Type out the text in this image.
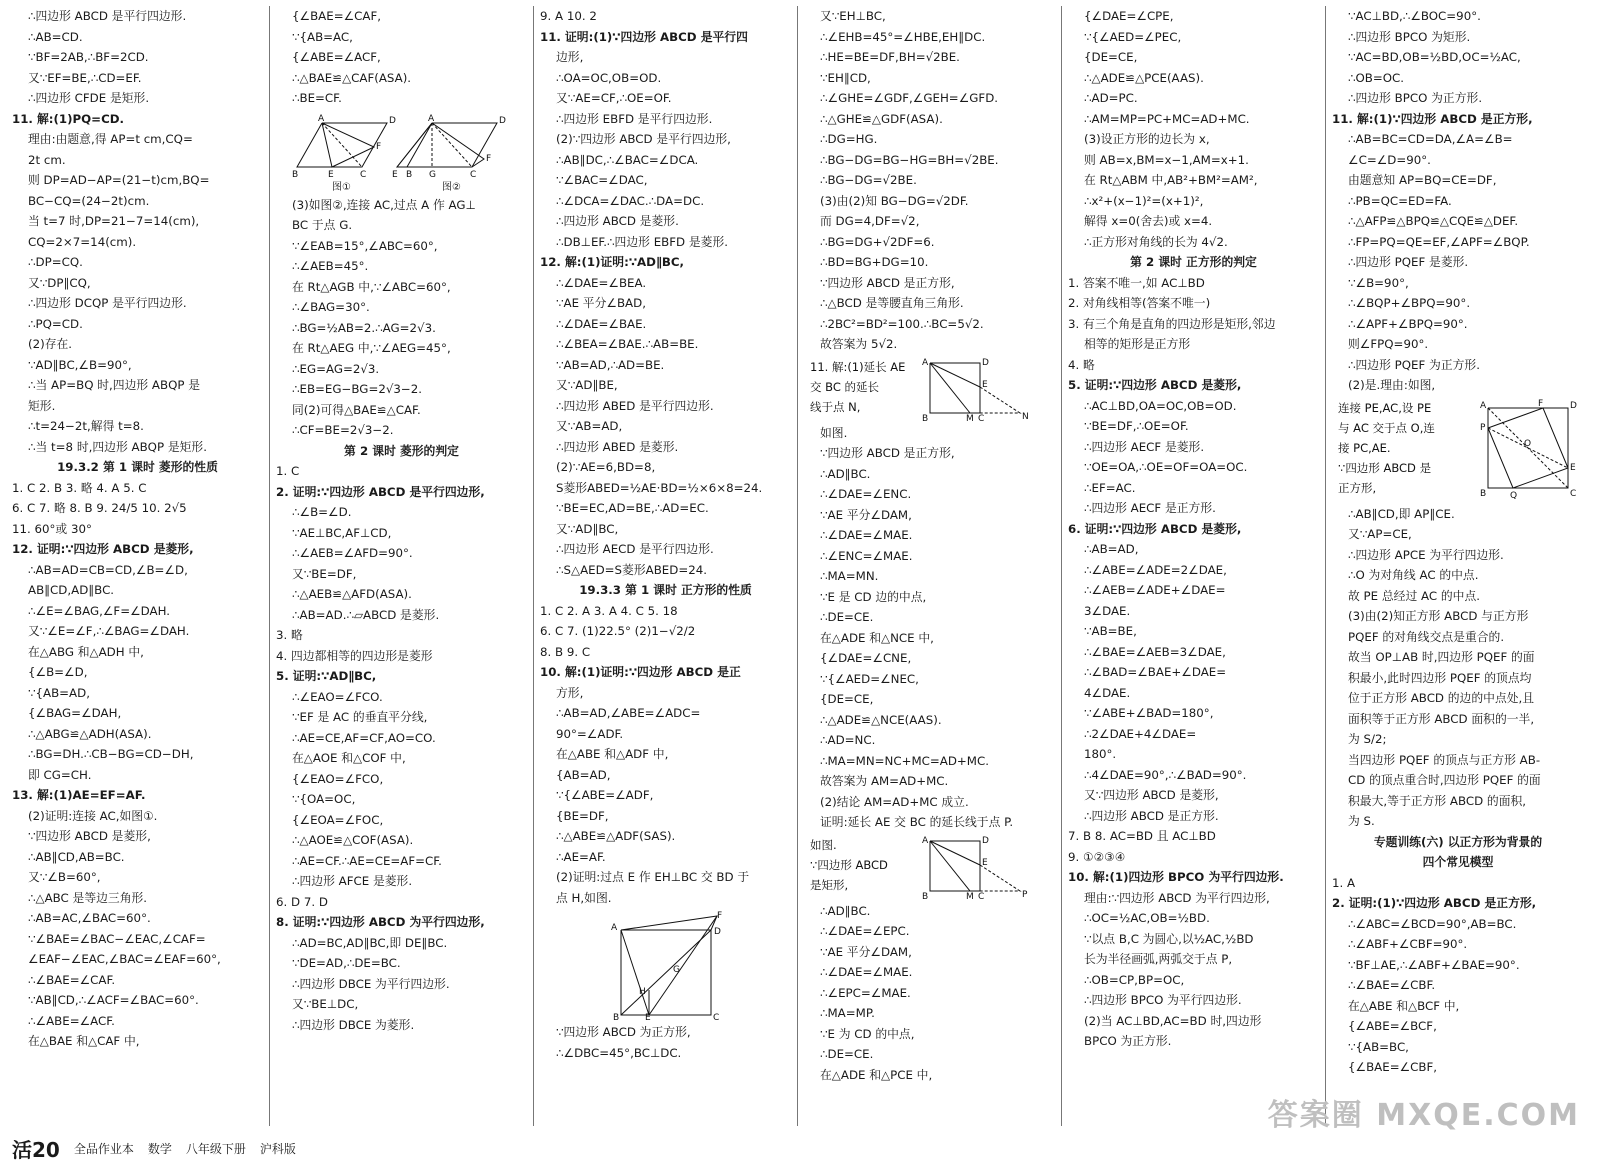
∴四边形 ABCD 是平行四边形.
∴AB=CD.
∵BF=2AB,∴BF=2CD.
又∵EF=BE,∴CD=EF.
∴四边形 CFDE 是矩形.
11. 解:(1)PQ=CD.
理由:由题意,得 AP=t cm,CQ=
2t cm.
则 DP=AD−AP=(21−t)cm,BQ=
BC−CQ=(24−2t)cm.
当 t=7 时,DP=21−7=14(cm),
CQ=2×7=14(cm).
∴DP=CQ.
又∵DP∥CQ,
∴四边形 DCQP 是平行四边形.
∴PQ=CD.
(2)存在.
∵AD∥BC,∠B=90°,
∴当 AP=BQ 时,四边形 ABQP 是
矩形.
∴t=24−2t,解得 t=8.
∴当 t=8 时,四边形 ABQP 是矩形.
19.3.2 第 1 课时 菱形的性质
1. C 2. B 3. 略 4. A 5. C
6. C 7. 略 8. B 9. 24/5 10. 2√5
11. 60°或 30°
12. 证明:∵四边形 ABCD 是菱形,
∴AB=AD=CB=CD,∠B=∠D,
AB∥CD,AD∥BC.
∴∠E=∠BAG,∠F=∠DAH.
又∵∠E=∠F,∴∠BAG=∠DAH.
在△ABG 和△ADH 中,
{∠B=∠D,
∵{AB=AD,
{∠BAG=∠DAH,
∴△ABG≌△ADH(ASA).
∴BG=DH.∴CB−BG=CD−DH,
即 CG=CH.
13. 解:(1)AE=EF=AF.
(2)证明:连接 AC,如图①.
∵四边形 ABCD 是菱形,
∴AB∥CD,AB=BC.
又∵∠B=60°,
∴△ABC 是等边三角形.
∴AB=AC,∠BAC=60°.
∵∠BAE=∠BAC−∠EAC,∠CAF=
∠EAF−∠EAC,∠BAC=∠EAF=60°,
∴∠BAE=∠CAF.
∵AB∥CD,∴∠ACF=∠BAC=60°.
∴∠ABE=∠ACF.
在△BAE 和△CAF 中,
{∠BAE=∠CAF,
∵{AB=AC,
{∠ABE=∠ACF,
∴△BAE≌△CAF(ASA).
∴BE=CF.
A	D
B	E	C
F
A	D
E B G	C
F
图①	图②
(3)如图②,连接 AC,过点 A 作 AG⊥
BC 于点 G.
∵∠EAB=15°,∠ABC=60°,
∴∠AEB=45°.
在 Rt△AGB 中,∵∠ABC=60°,
∴∠BAG=30°.
∴BG=½AB=2.∴AG=2√3.
在 Rt△AEG 中,∵∠AEG=45°,
∴EG=AG=2√3.
∴EB=EG−BG=2√3−2.
同(2)可得△BAE≌△CAF.
∴CF=BE=2√3−2.
第 2 课时 菱形的判定
1. C
2. 证明:∵四边形 ABCD 是平行四边形,
∴∠B=∠D.
∵AE⊥BC,AF⊥CD,
∴∠AEB=∠AFD=90°.
又∵BE=DF,
∴△AEB≌△AFD(ASA).
∴AB=AD.∴▱ABCD 是菱形.
3. 略
4. 四边都相等的四边形是菱形
5. 证明:∵AD∥BC,
∴∠EAO=∠FCO.
∵EF 是 AC 的垂直平分线,
∴AE=CE,AF=CF,AO=CO.
在△AOE 和△COF 中,
{∠EAO=∠FCO,
∵{OA=OC,
{∠EOA=∠FOC,
∴△AOE≌△COF(ASA).
∴AE=CF.∴AE=CE=AF=CF.
∴四边形 AFCE 是菱形.
6. D 7. D
8. 证明:∵四边形 ABCD 为平行四边形,
∴AD=BC,AD∥BC,即 DE∥BC.
∵DE=AD,∴DE=BC.
∴四边形 DBCE 为平行四边形.
又∵BE⊥DC,
∴四边形 DBCE 为菱形.
9. A 10. 2
11. 证明:(1)∵四边形 ABCD 是平行四
边形,
∴OA=OC,OB=OD.
又∵AE=CF,∴OE=OF.
∴四边形 EBFD 是平行四边形.
(2)∵四边形 ABCD 是平行四边形,
∴AB∥DC,∴∠BAC=∠DCA.
∵∠BAC=∠DAC,
∴∠DCA=∠DAC.∴DA=DC.
∴四边形 ABCD 是菱形.
∴DB⊥EF.∴四边形 EBFD 是菱形.
12. 解:(1)证明:∵AD∥BC,
∴∠DAE=∠BEA.
∵AE 平分∠BAD,
∴∠DAE=∠BAE.
∴∠BEA=∠BAE.∴AB=BE.
∵AB=AD,∴AD=BE.
又∵AD∥BE,
∴四边形 ABED 是平行四边形.
又∵AB=AD,
∴四边形 ABED 是菱形.
(2)∵AE=6,BD=8,
S菱形ABED=½AE·BD=½×6×8=24.
∵BE=EC,AD=BE,∴AD=EC.
又∵AD∥BC,
∴四边形 AECD 是平行四边形.
∴S△AED=S菱形ABED=24.
19.3.3 第 1 课时 正方形的性质
1. C 2. A 3. A 4. C 5. 18
6. C 7. (1)22.5° (2)1−√2/2
8. B 9. C
10. 解:(1)证明:∵四边形 ABCD 是正
方形,
∴AB=AD,∠ABE=∠ADC=
90°=∠ADF.
在△ABE 和△ADF 中,
{AB=AD,
∵{∠ABE=∠ADF,
{BE=DF,
∴△ABE≌△ADF(SAS).
∴AE=AF.
(2)证明:过点 E 作 EH⊥BC 交 BD 于
点 H,如图.
A	D
F
G
H
B	E	C
∵四边形 ABCD 为正方形,
∴∠DBC=45°,BC⊥DC.
又∵EH⊥BC,
∴∠EHB=45°=∠HBE,EH∥DC.
∴HE=BE=DF,BH=√2BE.
∵EH∥CD,
∴∠GHE=∠GDF,∠GEH=∠GFD.
∴△GHE≌△GDF(ASA).
∴DG=HG.
∴BG−DG=BG−HG=BH=√2BE.
∴BG−DG=√2BE.
(3)由(2)知 BG−DG=√2DF.
而 DG=4,DF=√2,
∴BG=DG+√2DF=6.
∴BD=BG+DG=10.
∵四边形 ABCD 是正方形,
∴△BCD 是等腰直角三角形.
∴2BC²=BD²=100.∴BC=5√2.
故答案为 5√2.
11. 解:(1)延长 AE
交 BC 的延长
线于点 N,
A	D
E
B	M C	N
如图.
∵四边形 ABCD 是正方形,
∴AD∥BC.
∴∠DAE=∠ENC.
∵AE 平分∠DAM,
∴∠DAE=∠MAE.
∴∠ENC=∠MAE.
∴MA=MN.
∵E 是 CD 边的中点,
∴DE=CE.
在△ADE 和△NCE 中,
{∠DAE=∠CNE,
∵{∠AED=∠NEC,
{DE=CE,
∴△ADE≌△NCE(AAS).
∴AD=NC.
∴MA=MN=NC+MC=AD+MC.
故答案为 AM=AD+MC.
(2)结论 AM=AD+MC 成立.
证明:延长 AE 交 BC 的延长线于点 P.
如图.
∵四边形 ABCD
是矩形,
A	D
E
B	M C	P
∴AD∥BC.
∴∠DAE=∠EPC.
∵AE 平分∠DAM,
∴∠DAE=∠MAE.
∴∠EPC=∠MAE.
∴MA=MP.
∵E 为 CD 的中点,
∴DE=CE.
在△ADE 和△PCE 中,
{∠DAE=∠CPE,
∵{∠AED=∠PEC,
{DE=CE,
∴△ADE≌△PCE(AAS).
∴AD=PC.
∴AM=MP=PC+MC=AD+MC.
(3)设正方形的边长为 x,
则 AB=x,BM=x−1,AM=x+1.
在 Rt△ABM 中,AB²+BM²=AM²,
∴x²+(x−1)²=(x+1)²,
解得 x=0(舍去)或 x=4.
∴正方形对角线的长为 4√2.
第 2 课时 正方形的判定
1. 答案不唯一,如 AC⊥BD
2. 对角线相等(答案不唯一)
3. 有三个角是直角的四边形是矩形,邻边
相等的矩形是正方形
4. 略
5. 证明:∵四边形 ABCD 是菱形,
∴AC⊥BD,OA=OC,OB=OD.
∵BE=DF,∴OE=OF.
∴四边形 AECF 是菱形.
∵OE=OA,∴OE=OF=OA=OC.
∴EF=AC.
∴四边形 AECF 是正方形.
6. 证明:∵四边形 ABCD 是菱形,
∴AB=AD,
∴∠ABE=∠ADE=2∠DAE,
∴∠AEB=∠ADE+∠DAE=
3∠DAE.
∵AB=BE,
∴∠BAE=∠AEB=3∠DAE,
∴∠BAD=∠BAE+∠DAE=
4∠DAE.
∵∠ABE+∠BAD=180°,
∴2∠DAE+4∠DAE=
180°.
∴4∠DAE=90°,∴∠BAD=90°.
又∵四边形 ABCD 是菱形,
∴四边形 ABCD 是正方形.
7. B 8. AC=BD 且 AC⊥BD
9. ①②③④
10. 解:(1)四边形 BPCO 为平行四边形.
理由:∵四边形 ABCD 为平行四边形,
∴OC=½AC,OB=½BD.
∵以点 B,C 为圆心,以½AC,½BD
长为半径画弧,两弧交于点 P,
∴OB=CP,BP=OC,
∴四边形 BPCO 为平行四边形.
(2)当 AC⊥BD,AC=BD 时,四边形
BPCO 为正方形.
∵AC⊥BD,∴∠BOC=90°.
∴四边形 BPCO 为矩形.
∵AC=BD,OB=½BD,OC=½AC,
∴OB=OC.
∴四边形 BPCO 为正方形.
11. 解:(1)∵四边形 ABCD 是正方形,
∴AB=BC=CD=DA,∠A=∠B=
∠C=∠D=90°.
由题意知 AP=BQ=CE=DF,
∴PB=QC=ED=FA.
∴△AFP≌△BPQ≌△CQE≌△DEF.
∴FP=PQ=QE=EF,∠APF=∠BQP.
∴四边形 PQEF 是菱形.
∵∠B=90°,
∴∠BQP+∠BPQ=90°.
∴∠APF+∠BPQ=90°.
则∠FPQ=90°.
∴四边形 PQEF 为正方形.
(2)是.理由:如图,
连接 PE,AC,设 PE
与 AC 交于点 O,连
接 PC,AE.
∵四边形 ABCD 是
正方形,
A	F	D
P
O
E
B	Q	C
∴AB∥CD,即 AP∥CE.
又∵AP=CE,
∴四边形 APCE 为平行四边形.
∴O 为对角线 AC 的中点.
故 PE 总经过 AC 的中点.
(3)由(2)知正方形 ABCD 与正方形
PQEF 的对角线交点是重合的.
故当 OP⊥AB 时,四边形 PQEF 的面
积最小,此时四边形 PQEF 的顶点均
位于正方形 ABCD 的边的中点处,且
面积等于正方形 ABCD 面积的一半,
为 S/2;
当四边形 PQEF 的顶点与正方形 AB-
CD 的顶点重合时,四边形 PQEF 的面
积最大,等于正方形 ABCD 的面积,
为 S.
专题训练(六) 以正方形为背景的
四个常见模型
1. A
2. 证明:(1)∵四边形 ABCD 是正方形,
∴∠ABC=∠BCD=90°,AB=BC.
∴∠ABF+∠CBF=90°.
∵BF⊥AE,∴∠ABF+∠BAE=90°.
∴∠BAE=∠CBF.
在△ABE 和△BCF 中,
{∠ABE=∠BCF,
∵{AB=BC,
{∠BAE=∠CBF,
活20 全品作业本 数学 八年级下册 沪科版
答案圈 MXQE.COM
